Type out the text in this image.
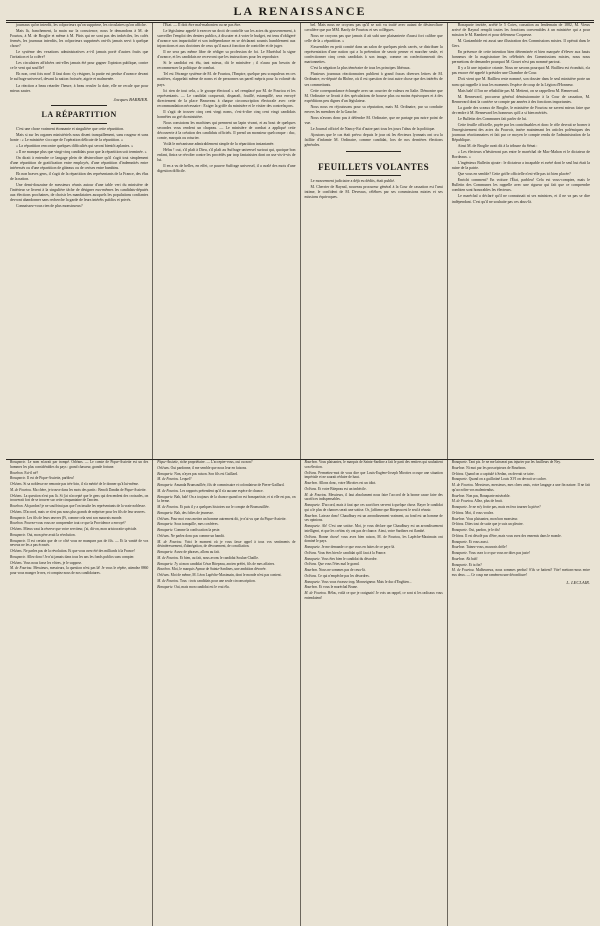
LA RENAISSANCE

journaux qu'on interdit, les colporteurs qu'on supprime, les circulaires qu'on affiche.

Mais là, franchement, la main sur la conscience, nous le demandons à M. de Fourtou, à M. de Broglie et même à M. Pâris qui ne sont pas des imbéciles, les cafés fermés, les journaux interdits, les colporteurs supprimés ont-ils jamais servi à quelque chose?

Le système des vexations administratives a-t-il jamais porté d'autres fruits que l'irritation et la colère?

Les circulaires affichées ont-elles jamais été pour gagner l'opinion publique, contre ce le vent qui souffle?

Eh non, cent fois non! Il faut donc s'y résigner, la partie est perdue d'avance devant le suffrage universel, devant la nation froissée, aigrie et malmenée.

La réaction a beau retarder l'heure, à beau reculer la date, elle ne recule que pour mieux sauter.

Jacques BARRIER.
LA RÉPARTITION

C'est une chose vraiment étonnante et singulière que cette répartition.

Mais si sur les organes ministériels nous disent tranquillement, sans rougeur et sans honte : « Le ministère s'occupe de l'opération délicate de la répartition. »

« La répartition rencontre quelques difficultés qui seront bientôt aplanies. »

« Il ne manque plus que vingt-cinq candidats pour que la répartition soit terminée. »

On dirait à entendre ce langage plein de désinvolture qu'il s'agit tout simplement d'une répartition de gratification entre employés, d'une répartition d'indemnités entre intéressés ou d'une répartition de gâteaux ou de cerises entre bambins.

Eh non braves gens, il s'agit de la répartition des représentants de la France, des élus de la nation.

Une demi-douzaine de messieurs réunis autour d'une table vert du ministère de l'intérieur se livrent à la singulière tâche de désigner eux-mêmes les candidats-députés aux élections prochaines, de choisir les mandataires auxquels les populations confiantes devront abandonner sans recherche la garde de leurs intérêts publics et privés.

Connaissez-vous rien de plus monstrueux?

l'État. — Il doit être mal-mahonien ou ne pas être.

Le législateur appelé à exercer un droit de contrôle sur les actes du gouvernement, à surveiller l'emploi des deniers publics, à discuter et à voter le budget, est tenu d'obligeré d'avance son impartialité et son indépendance en se déclarant soumis humblement aux injonctions et aux doctrines de ceux qu'il aura à fonction de contrôler et de juger.

Il ne sera pas même libre de rédiger sa profession de foi. Le Maréchal la signe d'avance, et les candidats ne recevront que les instructions pour les reproduire.

Si le candidat est élu, tant mieux, dit le ministère ; il n'aura pas besoin de recommencer la politique de combat.

Tel est l'étrange système de M. de Fourtou, l'Empire, quelque peu scrupuleux en ces matières, n'appelait même de noms et de personnes un pareil mépris pour la volonté du pays.

Ici rien de tout cela, « le groupe électoral » sel remplacé par M. de Fourtou et les représentants. — Le candidat craquerait, disparaît, fouillé, estampillé, sera envoyé directement de la place Beauveau à chaque circonscription électorale avec cette recommandation nécessaire : Exiger la griffe du ministère et le visiter des contrefaçons.

Il s'agit de trouver cinq cent vingt noms, c'est-à-dire cinq cent vingt candidats honnêtes au gré du ministère.

Nous constatons les machines qui prennent un lapin vivant, et au bout de quelques secondes vous rendent un chapeau. — Le ministère de combat a appliqué cette découverte à la création des candidats officiels. Il prend un monsieur quelconque : duc, comte, marquis ou roturier.

Voilà le mécanisme admirablement simple de la répartition instantanée.

Hélas ! oui, s'il plaît à Dieu, s'il plaît au Suffrage universel surtout qui, quoique bon enfant, finira se révolter contre les procédés par trop fantaisistes dont on use vis-à-vis de lui.

Il en a vu de belles, en effet, ce pauvre Suffrage universel, il a avalé des mots d'une digestion difficile.

bel. Mais nous ne croyons pas qu'il se soit vu traité avec autant de désinvolture cavalière que par MM. Bardy de Fourtou et ses collègues.

Nous ne croyons pas que jamais il ait subi une plaisanterie d'aussi fort calibre que celle de la « répartition. »

S'assembler en petit comité dans un salon de quelques pieds carrés, se distribuer la représentation d'une nation qui a la prétention de savoir penser et marcher seule, et confectionner cinq cents candidats à son image, comme on confectionnerait des marionnettes.

C'est la négation la plus téméraire de tous les principes libéraux.

Plusieurs journaux réactionnaires publient à grand fracas diverses lettres de M. Ordinaire, ex-député du Rhône, où il est question de tout autre chose que des intérêts de ses commettants.

Cette correspondance échangée avec un courrier de valeurs en Italie. Démontre que M. Ordinaire se livrait à des spéculations de bourse plus ou moins équivoques et à des expéditions peu dignes d'un législateur.

Nous nous en réjouissons pour sa réputation, mais M. Ordinaire, par sa conduite envers les membres de la Gauche.

Nous n'avons donc pas à défendre M. Ordinaire, que ne partage pas notre point de vue.

Le Journal officiel de Nancy-Est d'autre part tous les jours l'abus de la politique.

Ajoutons que le cas était prévu: depuis le jour où les électeurs lyonnais ont cru la faillite d'infamie M. Ordinaire, comme candidat, lors de nos dernières élections générales.

FEUILLETS VOLANTES

Le mouvement judiciaire a déjà eu dédits, était publié.

M. Cherrier de Raynal, nouveau procureur général à la Cour de cassation est l'ami intime, le confident de M. Deveaux, célèbres par ses commissions mixtes et ses missions équivoques.

Bonaparte invitée, arrêté le 5 Cotes, cassation au lendemain de 1882, M. Vieux arrivé de Raynal remplit toutes les fonctions convenables à un ministère qui a pour mission le M. Rambert et pour défenseur Coquesse.

M. Gastambide est aussi une illustration des Commissions mixtes. Il opérait dans le Gers.

En présence de cette intention bien déterminée et bien marquée d'élever aux hauts honneurs de la magistrature les célébrités des Commissions mixtes, nous nous permettons de demander pourquoi M. Gouet n'est pas nommé partout.

Il y a là une injustice criante. Nous ne savons pourquoi M. Baillieu est éconduit, n'a pas encore été appelé à présider une Chambre de Cour.

D'où vient que M. Baillieu reste nommé, son dossier dans le seul ministère porte un nom qui rappelle à tous les moments l'espèce de coup de la Légion d'Honneur.

Mais bah! il l'on ne réhabilite pas M. Mettent, on se rappellera M. Rennevard.

M. Rennevard, procureur général démissionnaire à la Cour de cassation, M. Rennevard dont la carrière se compte par années à des fonctions importantes.

La garde des sceaux de Broglie, le ministère de Fourtou ne savent mieux faire que de rendre à M. Rennevard les honneurs qu'il a si bien mérités.

Le Bulletin des Communes fait parler de lui.

Cette feuille officielle, payée par les contribuables et donc le rôle devrait se borner à l'enregistrement des actes du Pouvoir, insère maintenant les articles polémiques des journaux réactionnaires et fait par ce moyen le compte rendu de l'administration de la République.

Ainsi M. de Broglie avait dit à la tribune du Sénat :

« Les électeurs n'hésiteront pas entre le maréchal de Mac-Mahon et le dictateur de Bordeaux. »

L'ingénieux Bulletin ajoute : le dictateur a incapable et avéré dont le seul but était la ruine de la patrie.

Que vous en semble? Cette griffe officielle n'est-elle pas ici bien placée?

Enrichi comment? En voiture l'État, parbleu! Cela est vous-comptez, mais le Bulletin des Communes les rappelle avec une rigueur qui fait que ce comprendre combien sont honorables les électeurs.

Le maréchal a déclaré qu'il ne connaissait ni ses ministres, et il ne va pas se dire indépendant. C'est qu'il ne souhaite pas ces abus-là.

Bonaparte. Le nom m'avait par trompé. Orléans. — Le comte de Pique-Assiette est un des hommes les plus considérables du pays : grand chasseur, grande fortune.

Bourbon. Est-il né?

Bonaparte. Il est de Pique-Assiette, parbleu!

Orléans. Si sa noblesse ne remonte pas très-loin, il n'a mérité de le donner qu'à lui-même.

M. de Fourtou. Ma chère, je trouve dans les mots des partis : Benoît Dandin de Pique-Assiette.

Orléans. La question n'est pas là. Si j'ai n'accepté que le gens qui descendent des croisades, on trouverait fort de se trouver sur cette cinquantaine de l'ancien.

Bourbon. Ah pardon! je ne souffrirai pas que l'on insulte les représentants de la vraie noblesse.

Orléans. D'accord, mais ce n'est pas nous plus grands de mépriser pour les fils de leur œuvres.

Bonaparte. Les fils de leurs œuvres (Fi, comme cela sent son mauvais monde.

Bourbon. Pouvez-vous vous ne comprendre tout ce que la Providence a envoyé?

Orléans. Mieux vaut la réserve que votre serviteur, j'ai, dit-on, mon aristocratie spéciale.

Bonaparte. Oui, mon père avait la révolution.

Bonaparte. Il est certain que de ce côté vous ne manquez pas de fils. — Et la vanité de vos neveux ne les a pas écrasés.

Orléans. Ne parlez pas de la révolution. Et que vous avez été des milliards à la France!

Bonaparte. Allez donc! Je n'ai jamais dans tous les ans les fonds publics sans compter.

Orléans. Vous nous fasse les vôtres, je le suppose.

M. de Fourtou. Messieurs, messieurs, la question n'est pas là! Je vous le répète, attendez 8860 pour vous manger le nez, et comptez nous de nos candidatures.

Pique-Assiette, riche propriétaire. — L'accepter-vous, oui ou non?

Orléans. Oui pardonne, il me semble que nous leur en faisons.

Bonaparte. Non, n'ayez pas raison. Son fils est Gaillard.

M. de Fourtou. Lequel?

Bonaparte. Amanda Brunsouillée, fils de commissaire et cofondateur de Pierre-Gaillard.

M. de Fourtou. Les rapports prétendent qu'il n'a aucune espèce de chance.

Bonaparte. Bah, bah! On a toujours de la chance quand on est bonapartiste, et si elle est pas, on la ferme.

M. de Fourtou. Et puis il y a quelques histoires sur le compte de Brunsouillée.

Bonaparte. Bah, des folies de jeunesse.

Orléans. Pour moi vous mettez un homme autrement dit, je n'ai vu que du Pique-Assiette.

Bonaparte. Sous tranquille, mes confrères.

Bonaparte. Comme la confiscation la peste.

Orléans. Ne parlez donc pas comme un bandit.

M. de Fourtou. Voici le moment où je vous fasse appel à tous vos sentiments de désintéressement, d'abnégation, de dévouement, de conciliation.

Bonaparte. Assez de phrases, allons au fait.

M. de Fourtou. Et bien, au fait, nous avons le candidat Soulan-Chaille.

Bonaparte. J'y ai mon candidat César Bitepeau, ancien préfet, fils de mes affaires.

Bourbon. Moi, le marquis Aymar de Saintz-Sardines, une ambition dévorée.

Orléans. Moi de même, M. Léon Lapêche-Maximain, dont le monde n'est pas content.

M. de Fourtou. Tous : trois candidats pour une seule circonscription.

Bonaparte. Oui, mais mon candidat est le vrai élu.

Bourbon. Vous plaisantez, le marquis de Saintz-Sardine a fait le parti des rentiers qui souhaitent son élection.

Orléans. Permettez-moi de vous dire que Louis-Eugène-Joseph Mirottes occupe une situation impériale et ne saurait réduire de haut.

Bourbon. Allons donc, votre Mirottes est un idiot.

Orléans. Et votre Bitepeau est un imbécile.

M. de Fourtou. Messieurs, il faut absolument nous faire l'accord de la bonne cause faire des sacrifices indispensables.

Bonaparte. D'accord, mais à faut que ces sacrifices servent à quelque chose. Rayer le candidat qui a le plus de chances serait une sottise. Or, j'affirme que Bitepeau est le seul à réussir.

Bourbon. Laissez donc! Chaudbury est un arrondissement vraiment, au fond est un homme de ses opinions.

Bonaparte. Ah! C'est une sottise. Moi, je vous déclare que Chaudbury est un arrondissement intelligent, et que les crétins n'y ont pas de chance. Ainsi, votre Sardines est flambé.

Orléans. Bonne chose! vous avez bien raison, M. de Fourtou, les Lapêche-Maximain ont dominé le pays.

Bonaparte. Je me demande ce que vous en faites de ce pays-là.

Orléans. Vous êtes bien le candidat qu'il faut à la France.

Bonaparte. Vous êtes bien le candidat du désordre.

Orléans. Que vous l'êtes mal le grand.

Bourbon. Nous ne sommes pas de ceux-là.

Orléans. Ce qui n'empêche pas les désordres.

Bonaparte. Vous vous écrasez trop, Monseigneur. Mais le duc d'Enghien...

Bourbon. Et vous le maréchal Brune.

M. de Fourtou. Hélas, voilà ce que je craignais! Je vois un rappel, ce sont si les radicaux vous entendaient!

Bonaparte. Tant pis. Je ne me laisserai pas injurier par les fusilleurs de Ney.

Bourbon. Ni moi par les proscripteurs de Bourbons.

Orléans. Quand on a capitulé à Sedan, on devrait se taire.

Bonaparte. Quand on a guillotiné Louis XVI on devrait se cacher.

M. de Fourtou. Messieurs, messieurs, mes chers amis, votre langage a une fin nature. Il ne fait qu'accroître vos malentendus.

Bourbon. Non pas, Bonaparte misérable.

M. de Fourtou. Allez, plus de bruit.

Bonaparte. Je ne m'y frotte pas, mais en fera tourner la pièce?

Orléans. Moi, il vous voulez.

Bourbon. Vous plaisantez, mon bon monsieur.

Orléans. Dites tout de suite que je suis un pleutre.

Bonaparte. Oui, pardon, je le dis!

Orléans. Il est désolé pas d'être, mais vous avez des ennemis dans le monde.

Bonaparte. Et vous aussi.

Bourbon. Tainez-vous, mauvais drôle!

Bonaparte. Vous osez à ce que vous ne dites pas juste!

Bourbon. Ah bah!

Bonaparte. Et ta fin?

M. de Fourtou. Malheureux, nous sommes perdus! S'ils se battent? Vite! mettons-nous entre eux deux. — Ce coup me ramènera une déconfiture!

L. LECLAIR.
